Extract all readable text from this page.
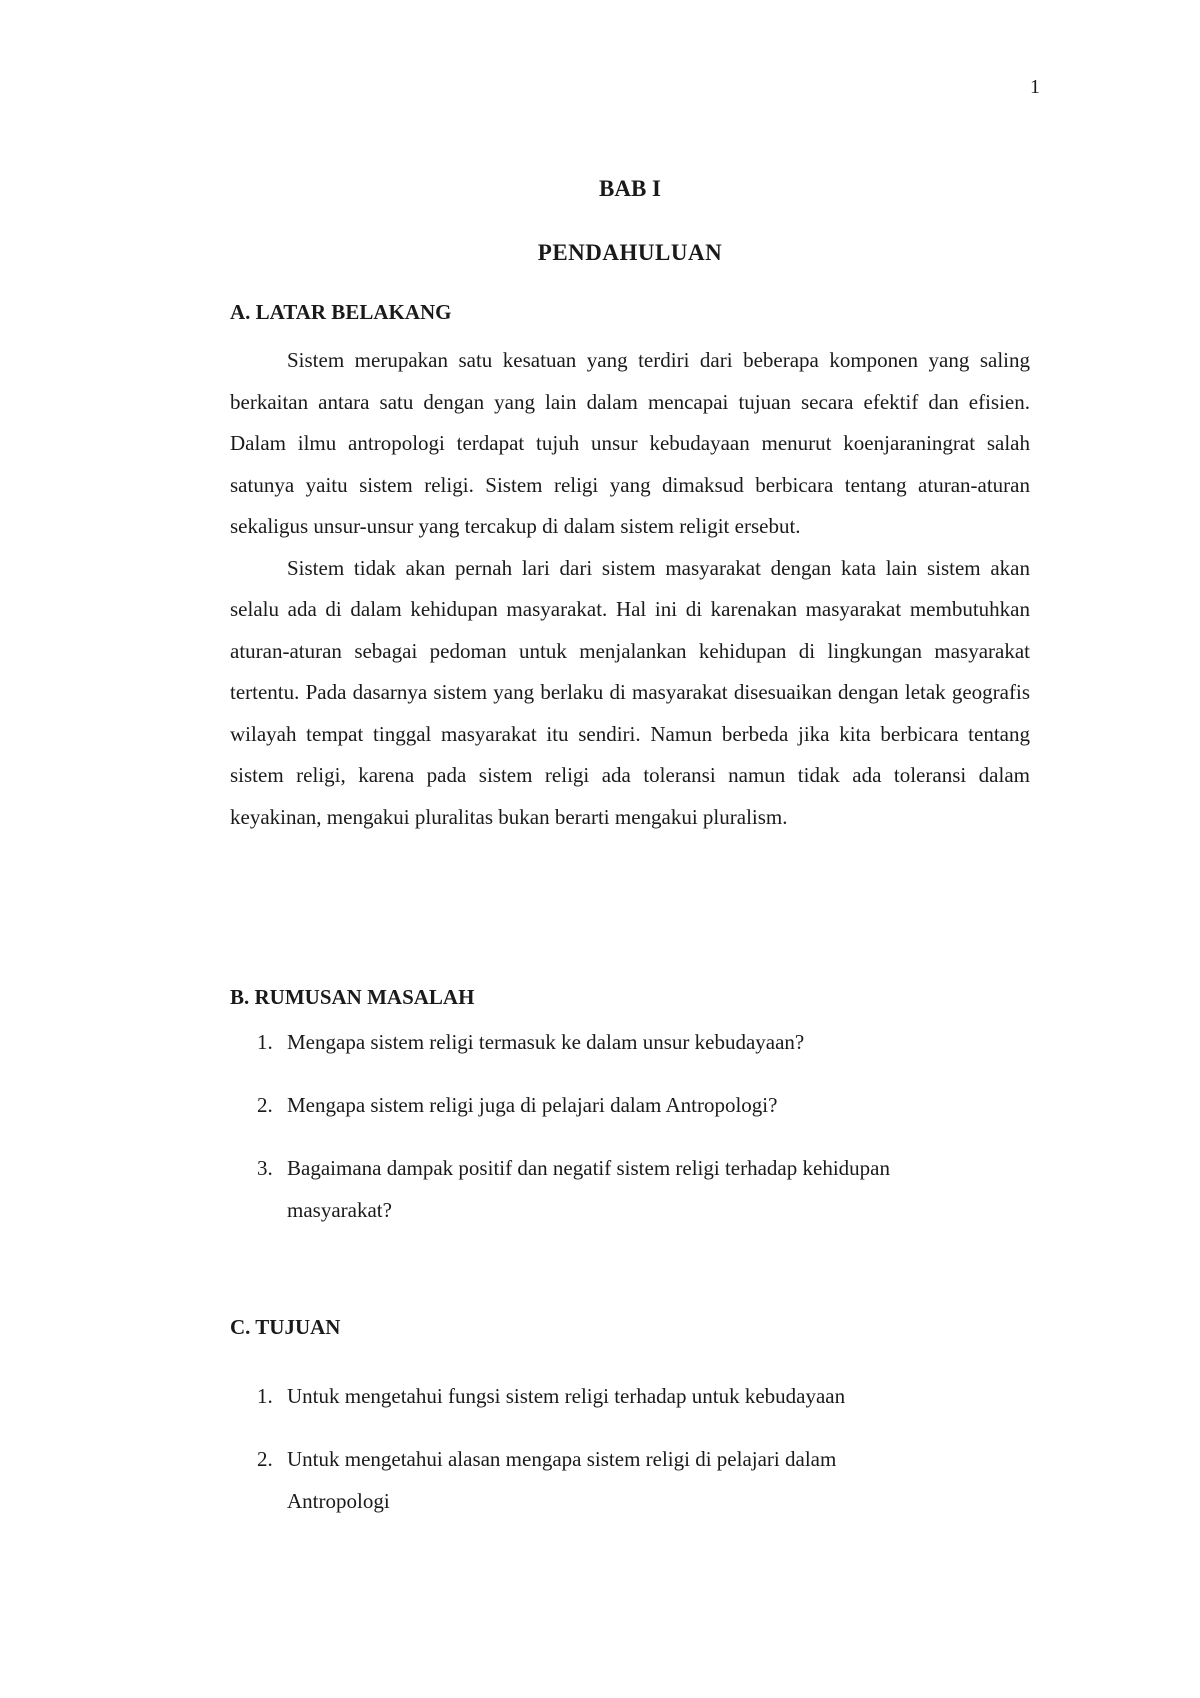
1
BAB I
PENDAHULUAN
A. LATAR BELAKANG

Sistem merupakan satu kesatuan yang terdiri dari beberapa komponen yang saling berkaitan antara satu dengan yang lain dalam mencapai tujuan secara efektif dan efisien. Dalam ilmu antropologi terdapat tujuh unsur kebudayaan menurut koenjaraningrat salah satunya yaitu sistem religi. Sistem religi yang dimaksud berbicara tentang aturan-aturan sekaligus unsur-unsur yang tercakup di dalam sistem religit ersebut.

Sistem tidak akan pernah lari dari sistem masyarakat dengan kata lain sistem akan selalu ada di dalam kehidupan masyarakat. Hal ini di karenakan masyarakat membutuhkan aturan-aturan sebagai pedoman untuk menjalankan kehidupan di lingkungan masyarakat tertentu. Pada dasarnya sistem yang berlaku di masyarakat disesuaikan dengan letak geografis wilayah tempat tinggal masyarakat itu sendiri. Namun berbeda jika kita berbicara tentang sistem religi, karena pada sistem religi ada toleransi namun tidak ada toleransi dalam keyakinan, mengakui pluralitas bukan berarti mengakui pluralism.

B. RUMUSAN MASALAH
1. Mengapa sistem religi termasuk ke dalam unsur kebudayaan?
2. Mengapa sistem religi juga di pelajari dalam Antropologi?
3. Bagaimana dampak positif dan negatif sistem religi terhadap kehidupan masyarakat?
C. TUJUAN
1. Untuk mengetahui fungsi sistem religi terhadap untuk kebudayaan
2. Untuk mengetahui alasan mengapa sistem religi di pelajari dalam Antropologi
